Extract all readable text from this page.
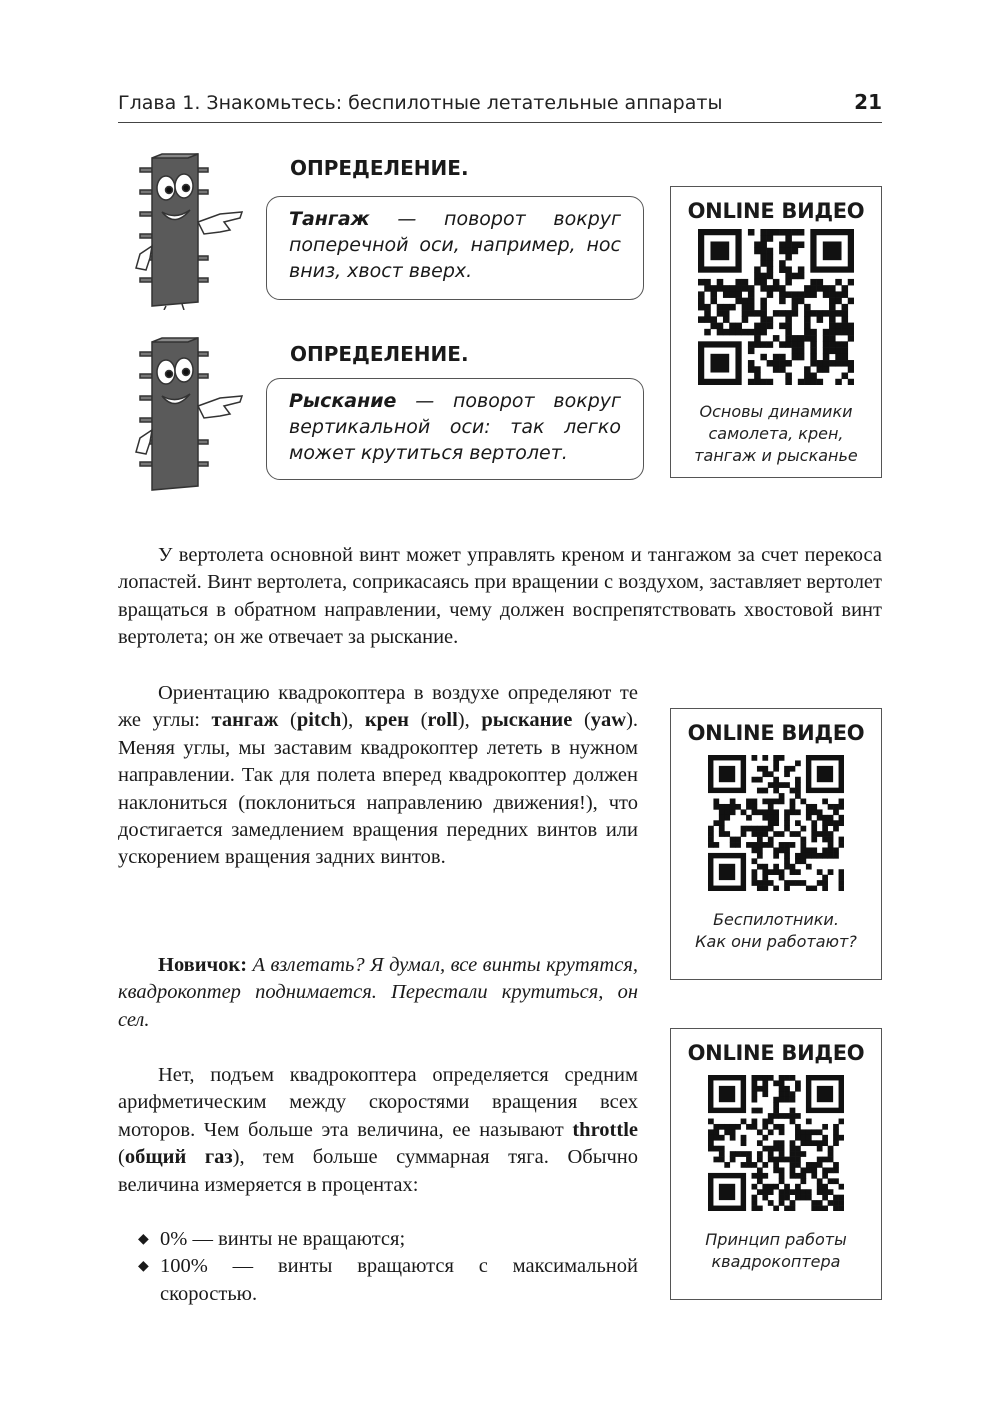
Глава 1. Знакомьтесь: беспилотные летательные аппараты	21
ОПРЕДЕЛЕНИЕ.
Тангаж — поворот вокруг поперечной оси, например, нос вниз, хвост вверх.
ОПРЕДЕЛЕНИЕ.
Рыскание — поворот вокруг вертикальной оси: так легко может крутиться вертолет.
ONLINE ВИДЕО
Основы динамики
самолета, крен,
тангаж и рысканье
У вертолета основной винт может управлять креном и тангажом за счет перекоса лопастей. Винт вертолета, соприкасаясь при вращении с воздухом, заставляет вертолет вращаться в обратном направлении, чему должен воспрепятствовать хвостовой винт вертолета; он же отвечает за рыскание.
Ориентацию квадрокоптера в воздухе определяют те же углы: тангаж (pitch), крен (roll), рыскание (yaw). Меняя углы, мы заставим квадрокоптер лететь в нужном направлении. Так для полета вперед квадрокоптер должен наклониться (поклониться направлению движения!), что достигается замедлением вращения передних винтов или ускорением вращения задних винтов.
ONLINE ВИДЕО
Беспилотники.
Как они работают?
Новичок: А взлетать? Я думал, все винты крутятся, квадрокоптер поднимается. Перестали крутиться, он сел.
ONLINE ВИДЕО
Принцип работы
квадрокоптера
Нет, подъем квадрокоптера определяется средним арифметическим между скоростями вращения всех моторов. Чем больше эта величина, ее называют throttle (общий газ), тем больше суммарная тяга. Обычно величина измеряется в процентах:
◆ 0% — винты не вращаются;
◆ 100% — винты вращаются с максимальной скоростью.
